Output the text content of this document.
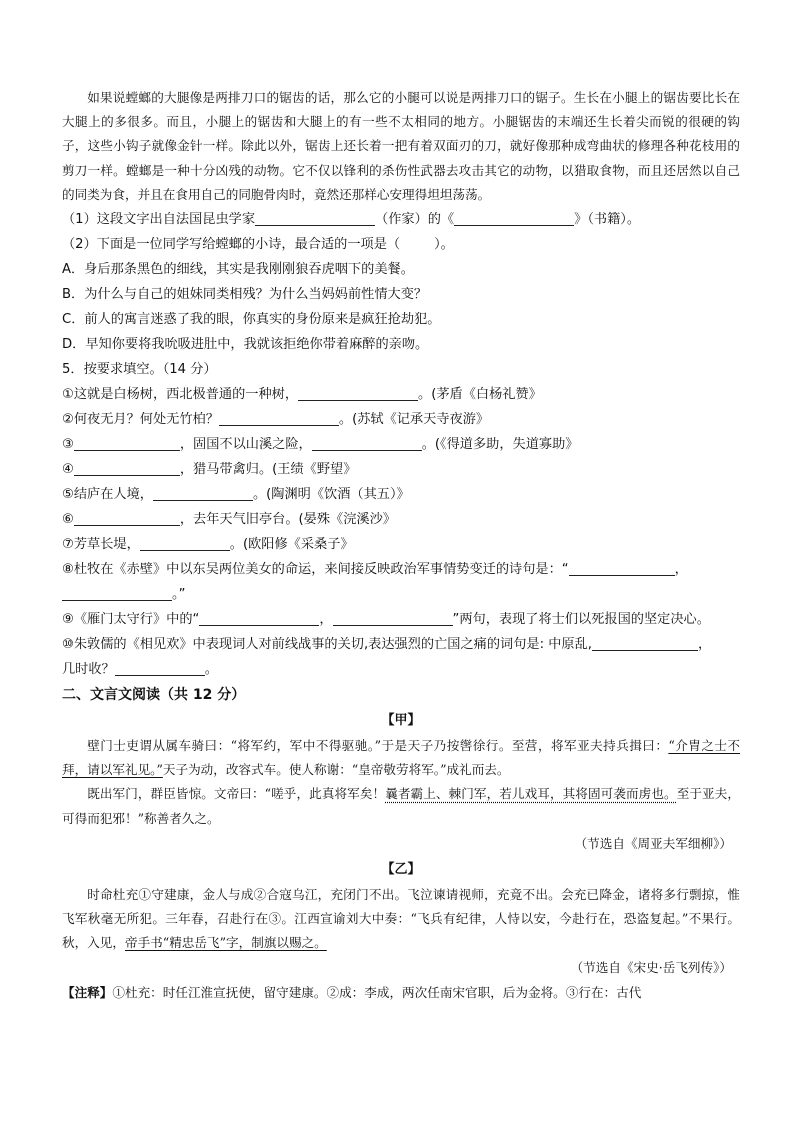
如果说螳螂的大腿像是两排刀口的锯齿的话，那么它的小腿可以说是两排刀口的锯子。生长在小腿上的锯齿要比长在大腿上的多很多。而且，小腿上的锯齿和大腿上的有一些不太相同的地方。小腿锯齿的末端还生长着尖而锐的很硬的钩子，这些小钩子就像金针一样。除此以外，锯齿上还长着一把有着双面刃的刀，就好像那种成弯曲状的修理各种花枝用的剪刀一样。螳螂是一种十分凶残的动物。它不仅以锋利的杀伤性武器去攻击其它的动物，以猎取食物，而且还居然以自己的同类为食，并且在食用自己的同胞骨肉时，竟然还那样心安理得坦坦荡荡。

（1）这段文字出自法国昆虫学家	（作家）的《	》（书籍）。

（2）下面是一位同学写给螳螂的小诗，最合适的一项是（	）。

A．身后那条黑色的细线，其实是我刚刚狼吞虎咽下的美餐。

B．为什么与自己的姐妹同类相残？为什么当妈妈前性情大变？

C．前人的寓言迷惑了我的眼，你真实的身份原来是疯狂抢劫犯。

D．早知你要将我吮吸进肚中，我就该拒绝你带着麻醉的亲吻。

5．按要求填空。（14 分）

①这就是白杨树，西北极普通的一种树，	。(茅盾《白杨礼赞》

②何夜无月？何处无竹柏？	。(苏轼《记承天寺夜游》

③	，固国不以山溪之险，	。(《得道多助，失道寡助》

④	，猎马带禽归。(王绩《野望》

⑤结庐在人境，	。(陶渊明《饮酒（其五）》

⑥	，去年天气旧亭台。(晏殊《浣溪沙》

⑦芳草长堤，	。(欧阳修《采桑子》

⑧杜牧在《赤壁》中以东吴两位美女的命运，来间接反映政治军事情势变迁的诗句是：“	，
。”

⑨《雁门太守行》中的“	，	”两句，表现了将士们以死报国的坚定决心。

⑩朱敦儒的《相见欢》中表现词人对前线战事的关切,表达强烈的亡国之痛的词句是: 中原乱,	，
几时收？	。

二、文言文阅读（共 12 分）

【甲】

壁门士吏谓从属车骑曰：“将军约，军中不得驱驰。”于是天子乃按辔徐行。至营，将军亚夫持兵揖曰：“介胄之士不拜，请以军礼见。”天子为动，改容式车。使人称谢：“皇帝敬劳将军。”成礼而去。

既出军门，群臣皆惊。文帝曰：“嗟乎，此真将军矣！曩者霸上、棘门军，若儿戏耳，其将固可袭而虏也。至于亚夫，可得而犯邪！”称善者久之。

（节选自《周亚夫军细柳》）

【乙】

时命杜充①守建康，金人与成②合寇乌江，充闭门不出。飞泣谏请视师，充竟不出。会充已降金，诸将多行剽掠，惟飞军秋毫无所犯。三年春，召赴行在③。江西宣谕刘大中奏：“飞兵有纪律，人恃以安，今赴行在，恐盗复起。”不果行。秋，入见，帝手书“精忠岳飞”字，制旗以赐之。

（节选自《宋史·岳飞列传》）

【注释】①杜充：时任江淮宣抚使，留守建康。②成：李成，两次任南宋官职，后为金将。③行在：古代
